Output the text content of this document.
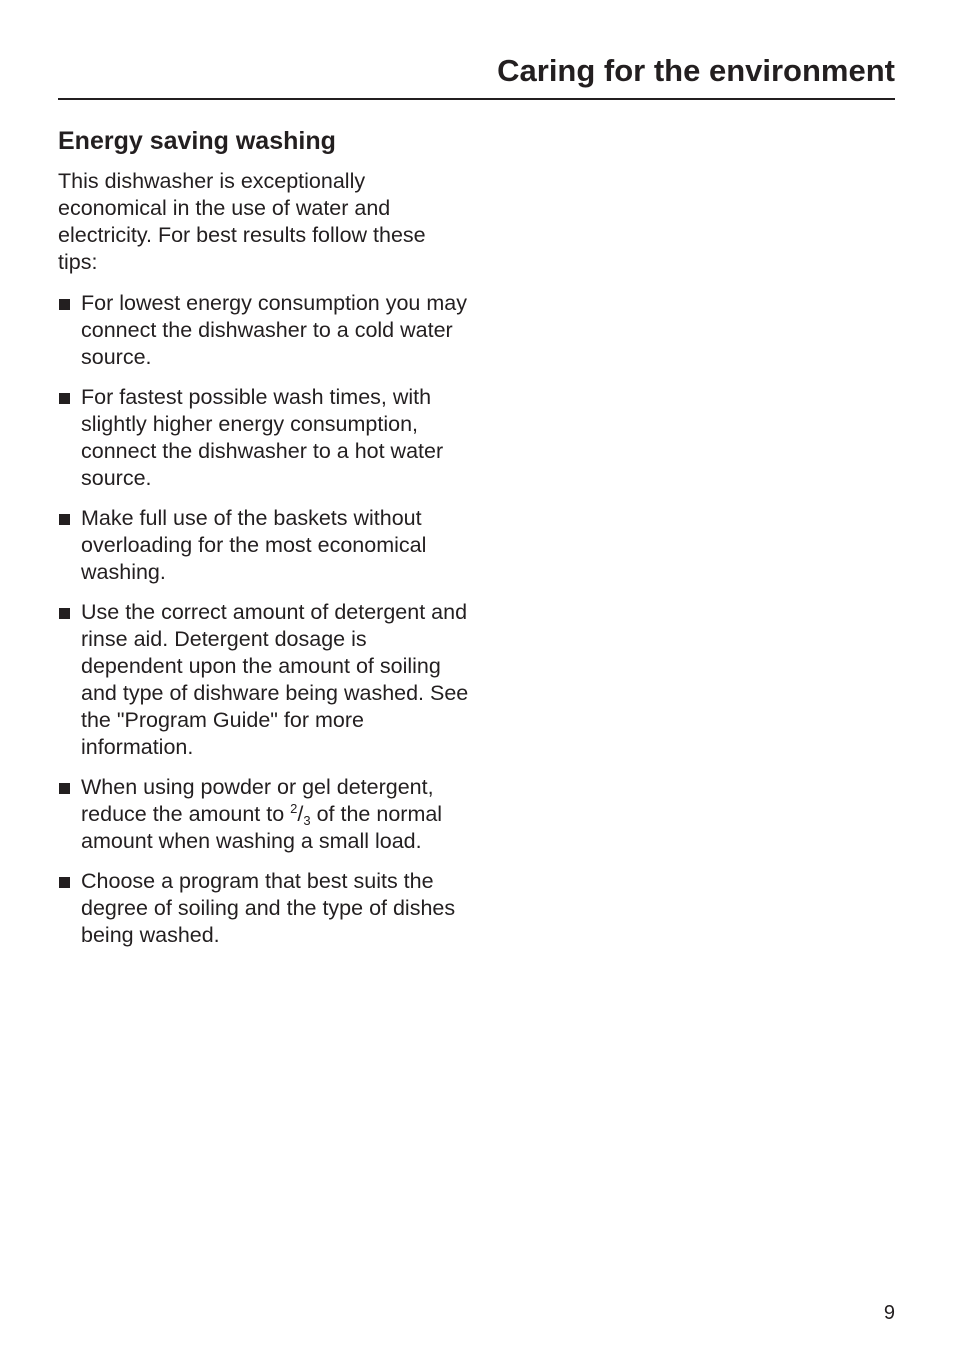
Caring for the environment
Energy saving washing

This dishwasher is exceptionally economical in the use of water and electricity. For best results follow these tips:

For lowest energy consumption you may connect the dishwasher to a cold water source.
For fastest possible wash times, with slightly higher energy consumption, connect the dishwasher to a hot water source.
Make full use of the baskets without overloading for the most economical washing.
Use the correct amount of detergent and rinse aid. Detergent dosage is dependent upon the amount of soiling and type of dishware being washed. See the "Program Guide" for more information.
When using powder or gel detergent, reduce the amount to $^2/_3$ of the normal amount when washing a small load.
Choose a program that best suits the degree of soiling and the type of dishes being washed.
9
